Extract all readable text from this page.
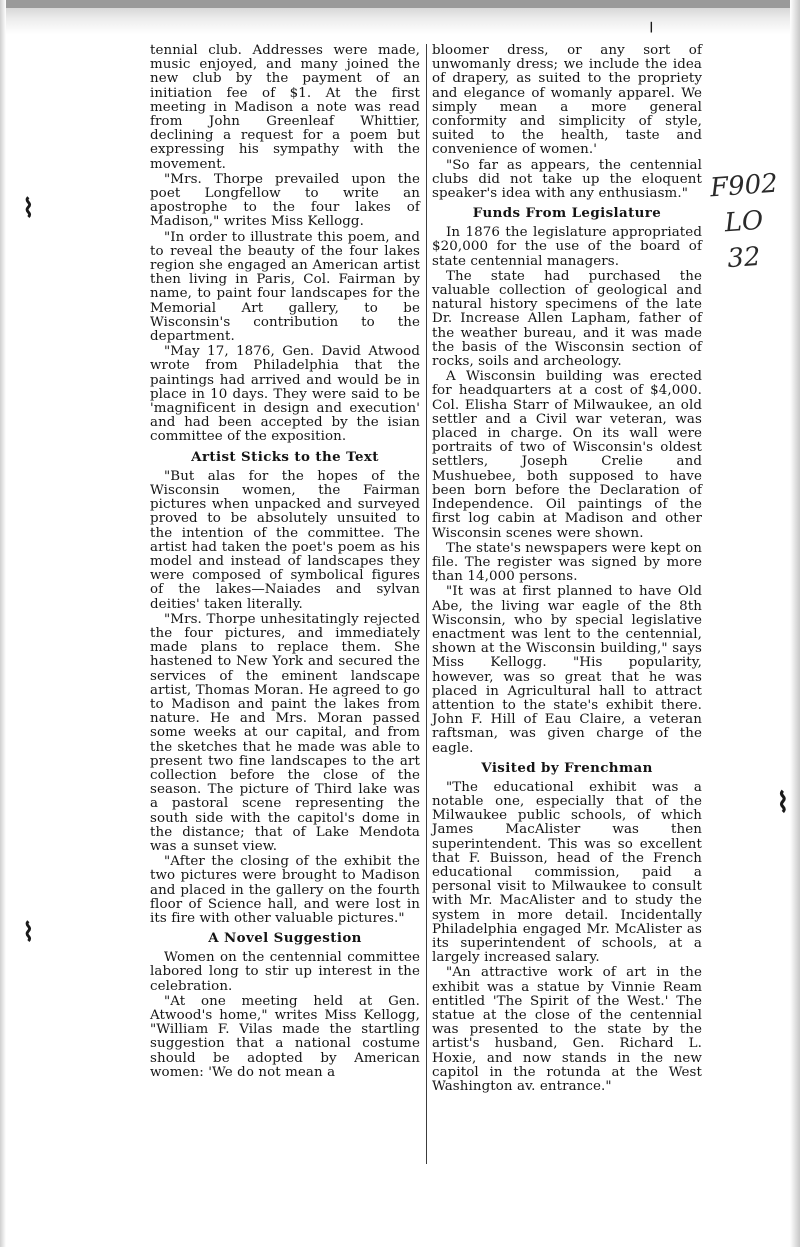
⌇
⌇
╷
⌇
F902
LO
32

tennial club. Addresses were made, music enjoyed, and many joined the new club by the payment of an initiation fee of $1. At the first meeting in Madison a note was read from John Greenleaf Whittier, declining a request for a poem but expressing his sympathy with the movement.

"Mrs. Thorpe prevailed upon the poet Longfellow to write an apostrophe to the four lakes of Madison," writes Miss Kellogg.

"In order to illustrate this poem, and to reveal the beauty of the four lakes region she engaged an American artist then living in Paris, Col. Fairman by name, to paint four landscapes for the Memorial Art gallery, to be Wisconsin's contribution to the department.

"May 17, 1876, Gen. David Atwood wrote from Philadelphia that the paintings had arrived and would be in place in 10 days. They were said to be 'magnificent in design and execution' and had been accepted by the isian committee of the exposition.

Artist Sticks to the Text

"But alas for the hopes of the Wisconsin women, the Fairman pictures when unpacked and surveyed proved to be absolutely unsuited to the intention of the committee. The artist had taken the poet's poem as his model and instead of landscapes they were composed of symbolical figures of the lakes—Naiades and sylvan deities' taken literally.

"Mrs. Thorpe unhesitatingly rejected the four pictures, and immediately made plans to replace them. She hastened to New York and secured the services of the eminent landscape artist, Thomas Moran. He agreed to go to Madison and paint the lakes from nature. He and Mrs. Moran passed some weeks at our capital, and from the sketches that he made was able to present two fine landscapes to the art collection before the close of the season. The picture of Third lake was a pastoral scene representing the south side with the capitol's dome in the distance; that of Lake Mendota was a sunset view.

"After the closing of the exhibit the two pictures were brought to Madison and placed in the gallery on the fourth floor of Science hall, and were lost in its fire with other valuable pictures."

A Novel Suggestion

Women on the centennial committee labored long to stir up interest in the celebration.

"At one meeting held at Gen. Atwood's home," writes Miss Kellogg, "William F. Vilas made the startling suggestion that a national costume should be adopted by American women: 'We do not mean a

bloomer dress, or any sort of unwomanly dress; we include the idea of drapery, as suited to the propriety and elegance of womanly apparel. We simply mean a more general conformity and simplicity of style, suited to the health, taste and convenience of women.'

"So far as appears, the centennial clubs did not take up the eloquent speaker's idea with any enthusiasm."

Funds From Legislature

In 1876 the legislature appropriated $20,000 for the use of the board of state centennial managers.

The state had purchased the valuable collection of geological and natural history specimens of the late Dr. Increase Allen Lapham, father of the weather bureau, and it was made the basis of the Wisconsin section of rocks, soils and archeology.

A Wisconsin building was erected for headquarters at a cost of $4,000. Col. Elisha Starr of Milwaukee, an old settler and a Civil war veteran, was placed in charge. On its wall were portraits of two of Wisconsin's oldest settlers, Joseph Crelie and Mushuebee, both supposed to have been born before the Declaration of Independence. Oil paintings of the first log cabin at Madison and other Wisconsin scenes were shown.

The state's newspapers were kept on file. The register was signed by more than 14,000 persons.

"It was at first planned to have Old Abe, the living war eagle of the 8th Wisconsin, who by special legislative enactment was lent to the centennial, shown at the Wisconsin building," says Miss Kellogg. "His popularity, however, was so great that he was placed in Agricultural hall to attract attention to the state's exhibit there. John F. Hill of Eau Claire, a veteran raftsman, was given charge of the eagle.

Visited by Frenchman

"The educational exhibit was a notable one, especially that of the Milwaukee public schools, of which James MacAlister was then superintendent. This was so excellent that F. Buisson, head of the French educational commission, paid a personal visit to Milwaukee to consult with Mr. MacAlister and to study the system in more detail. Incidentally Philadelphia engaged Mr. McAlister as its superintendent of schools, at a largely increased salary.

"An attractive work of art in the exhibit was a statue by Vinnie Ream entitled 'The Spirit of the West.' The statue at the close of the centennial was presented to the state by the artist's husband, Gen. Richard L. Hoxie, and now stands in the new capitol in the rotunda at the West Washington av. entrance."
